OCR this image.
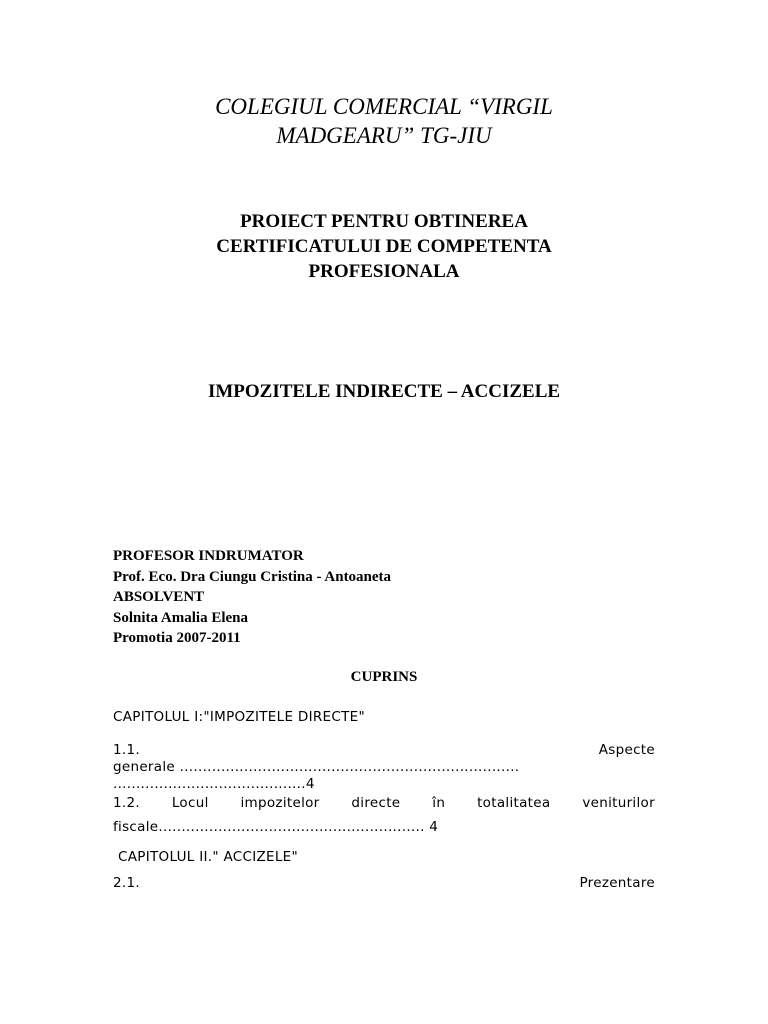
COLEGIUL COMERCIAL “VIRGIL
MADGEARU” TG-JIU
PROIECT PENTRU OBTINEREA
CERTIFICATULUI DE COMPETENTA
PROFESIONALA
IMPOZITELE INDIRECTE – ACCIZELE
PROFESOR INDRUMATOR
Prof. Eco. Dra Ciungu Cristina - Antoaneta
ABSOLVENT
Solnita Amalia Elena
Promotia 2007-2011
CUPRINS
CAPITOLUL I:"IMPOZITELE DIRECTE"
1.1.	Aspecte
generale ..........................................................................
..........................................4
1.2. Locul impozitelor directe în totalitatea veniturilor
fiscale.......................................................... 4
CAPITOLUL II." ACCIZELE"
2.1.	Prezentare
